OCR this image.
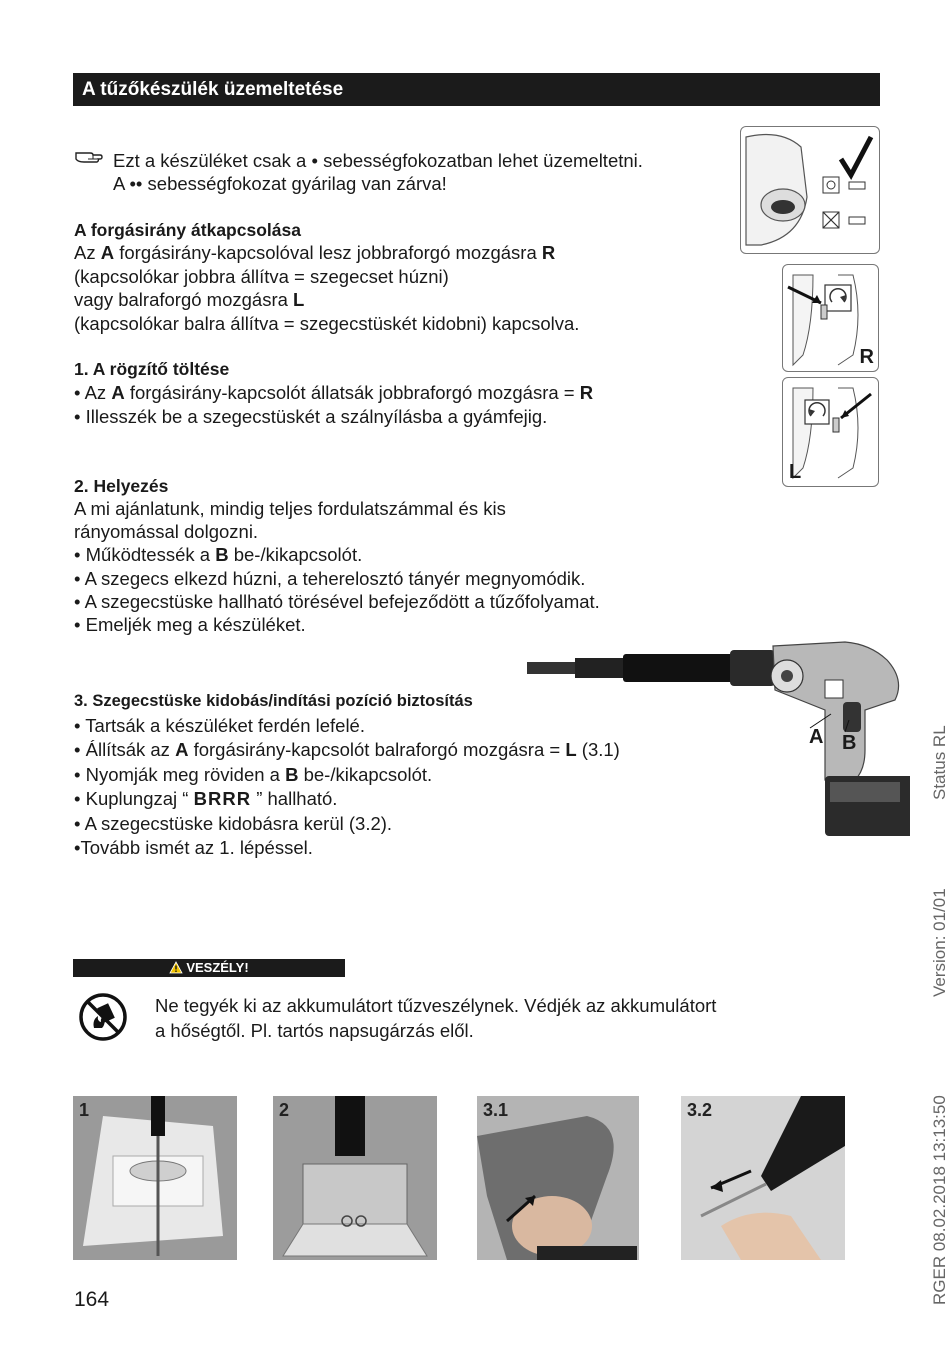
A tűzőkészülék üzemeltetése
Ezt a készüléket csak a • sebességfokozatban lehet üzemeltetni.
A •• sebességfokozat gyárilag van zárva!
A forgásirány átkapcsolása
Az A forgásirány-kapcsolóval lesz jobbraforgó mozgásra R
(kapcsolókar jobbra állítva = szegecset húzni)
vagy balraforgó mozgásra L
(kapcsolókar balra állítva = szegecstüskét kidobni) kapcsolva.
1. A rögzítő töltése
• Az A forgásirány-kapcsolót állatsák jobbraforgó mozgásra = R
• Illesszék be a szegecstüskét a szálnyílásba a gyámfejig.
2. Helyezés
A mi ajánlatunk, mindig teljes fordulatszámmal és kis
rányomással dolgozni.
• Működtessék a B be-/kikapcsolót.
• A szegecs elkezd húzni, a teherelosztó tányér megnyomódik.
• A szegecstüske hallható törésével befejeződött a tűzőfolyamat.
• Emeljék meg a készüléket.
3. Szegecstüske kidobás/indítási pozíció biztosítás
• Tartsák a készüléket ferdén lefelé.
• Állítsák az A forgásirány-kapcsolót balraforgó mozgásra = L (3.1)
• Nyomják meg röviden a B be-/kikapcsolót.
• Kuplungzaj “ BRRR ” hallható.
• A szegecstüske kidobásra kerül (3.2).
•Tovább ismét az 1. lépéssel.
R
L
A B
VESZÉLY!
Ne tegyék ki az akkumulátort tűzveszélynek. Védjék az akkumulátort
a hőségtől. Pl. tartós napsugárzás elől.
1	2	3.1	3.2
164
Status RL
Version: 01/01
RGER 08.02.2018 13:13:50
